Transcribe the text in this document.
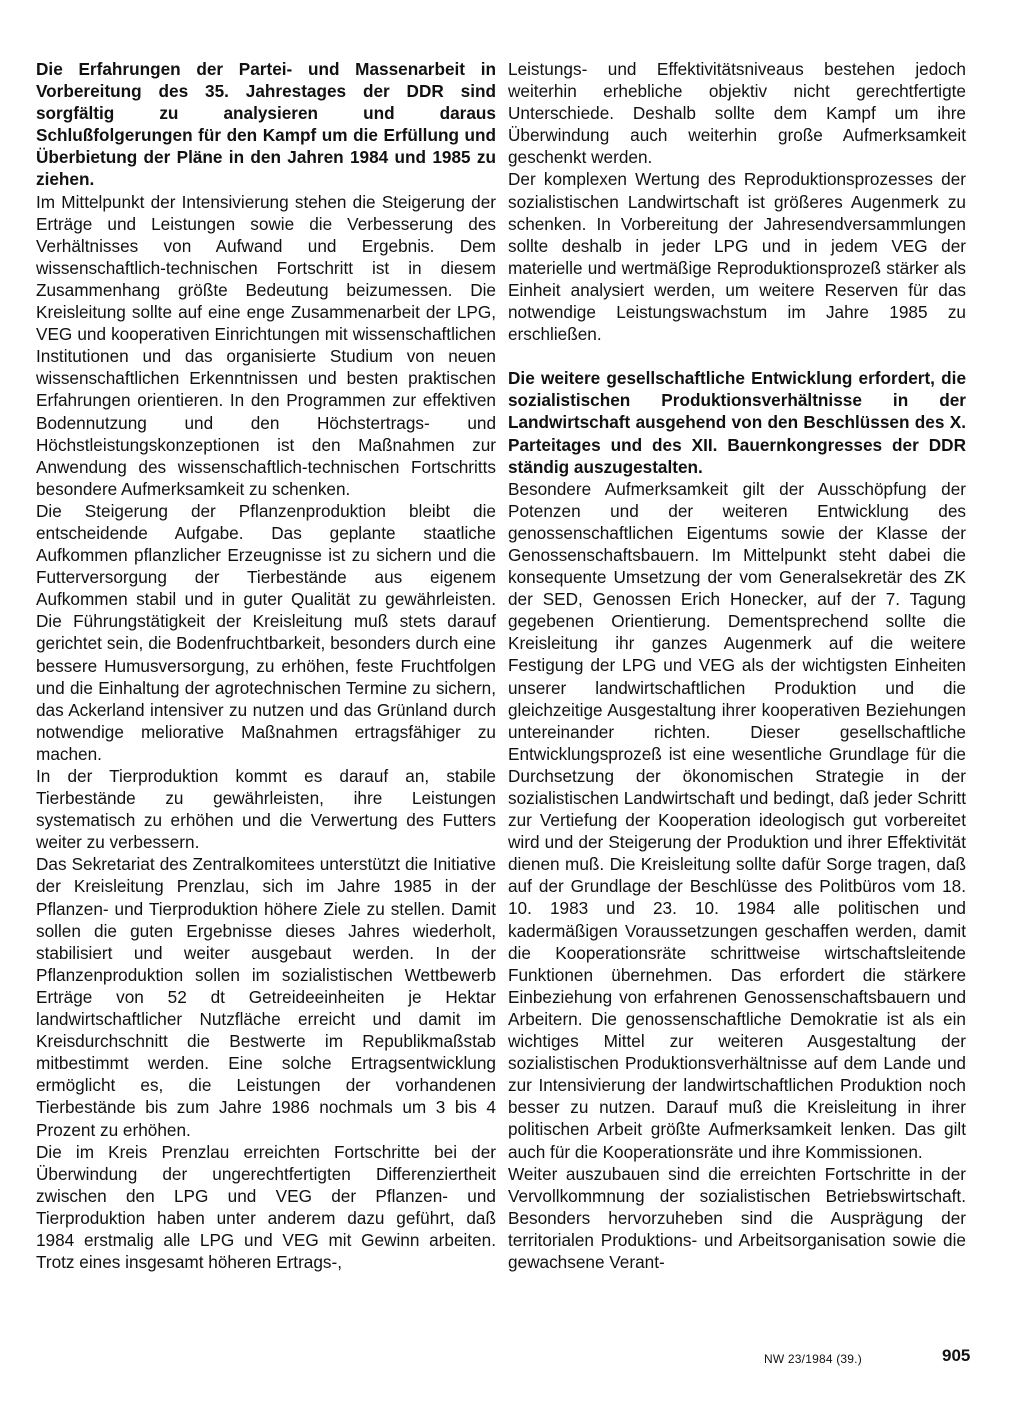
Die Erfahrungen der Partei- und Massenarbeit in Vorbereitung des 35. Jahrestages der DDR sind sorgfältig zu analysieren und daraus Schlußfolgerungen für den Kampf um die Erfüllung und Überbietung der Pläne in den Jahren 1984 und 1985 zu ziehen.

Im Mittelpunkt der Intensivierung stehen die Steigerung der Erträge und Leistungen sowie die Verbesserung des Verhältnisses von Aufwand und Ergebnis. Dem wissenschaftlich-technischen Fortschritt ist in diesem Zusammenhang größte Bedeutung beizumessen. Die Kreisleitung sollte auf eine enge Zusammenarbeit der LPG, VEG und kooperativen Einrichtungen mit wissenschaftlichen Institutionen und das organisierte Studium von neuen wissenschaftlichen Erkenntnissen und besten praktischen Erfahrungen orientieren. In den Programmen zur effektiven Bodennutzung und den Höchstertrags- und Höchstleistungskonzeptionen ist den Maßnahmen zur Anwendung des wissenschaftlich-technischen Fortschritts besondere Aufmerksamkeit zu schenken.

Die Steigerung der Pflanzenproduktion bleibt die entscheidende Aufgabe. Das geplante staatliche Aufkommen pflanzlicher Erzeugnisse ist zu sichern und die Futterversorgung der Tierbestände aus eigenem Aufkommen stabil und in guter Qualität zu gewährleisten. Die Führungstätigkeit der Kreisleitung muß stets darauf gerichtet sein, die Bodenfruchtbarkeit, besonders durch eine bessere Humusversorgung, zu erhöhen, feste Fruchtfolgen und die Einhaltung der agrotechnischen Termine zu sichern, das Ackerland intensiver zu nutzen und das Grünland durch notwendige meliorative Maßnahmen ertragsfähiger zu machen.

In der Tierproduktion kommt es darauf an, stabile Tierbestände zu gewährleisten, ihre Leistungen systematisch zu erhöhen und die Verwertung des Futters weiter zu verbessern.

Das Sekretariat des Zentralkomitees unterstützt die Initiative der Kreisleitung Prenzlau, sich im Jahre 1985 in der Pflanzen- und Tierproduktion höhere Ziele zu stellen. Damit sollen die guten Ergebnisse dieses Jahres wiederholt, stabilisiert und weiter ausgebaut werden. In der Pflanzenproduktion sollen im sozialistischen Wettbewerb Erträge von 52 dt Getreideeinheiten je Hektar landwirtschaftlicher Nutzfläche erreicht und damit im Kreisdurchschnitt die Bestwerte im Republikmaßstab mitbestimmt werden. Eine solche Ertragsentwicklung ermöglicht es, die Leistungen der vorhandenen Tierbestände bis zum Jahre 1986 nochmals um 3 bis 4 Prozent zu erhöhen.

Die im Kreis Prenzlau erreichten Fortschritte bei der Überwindung der ungerechtfertigten Differenziertheit zwischen den LPG und VEG der Pflanzen- und Tierproduktion haben unter anderem dazu geführt, daß 1984 erstmalig alle LPG und VEG mit Gewinn arbeiten. Trotz eines insgesamt höheren Ertrags-,

Leistungs- und Effektivitätsniveaus bestehen jedoch weiterhin erhebliche objektiv nicht gerechtfertigte Unterschiede. Deshalb sollte dem Kampf um ihre Überwindung auch weiterhin große Aufmerksamkeit geschenkt werden.

Der komplexen Wertung des Reproduktionsprozesses der sozialistischen Landwirtschaft ist größeres Augenmerk zu schenken. In Vorbereitung der Jahresendversammlungen sollte deshalb in jeder LPG und in jedem VEG der materielle und wertmäßige Reproduktionsprozeß stärker als Einheit analysiert werden, um weitere Reserven für das notwendige Leistungswachstum im Jahre 1985 zu erschließen.

Die weitere gesellschaftliche Entwicklung erfordert, die sozialistischen Produktionsverhältnisse in der Landwirtschaft ausgehend von den Beschlüssen des X. Parteitages und des XII. Bauernkongresses der DDR ständig auszugestalten.

Besondere Aufmerksamkeit gilt der Ausschöpfung der Potenzen und der weiteren Entwicklung des genossenschaftlichen Eigentums sowie der Klasse der Genossenschaftsbauern. Im Mittelpunkt steht dabei die konsequente Umsetzung der vom Generalsekretär des ZK der SED, Genossen Erich Honecker, auf der 7. Tagung gegebenen Orientierung. Dementsprechend sollte die Kreisleitung ihr ganzes Augenmerk auf die weitere Festigung der LPG und VEG als der wichtigsten Einheiten unserer landwirtschaftlichen Produktion und die gleichzeitige Ausgestaltung ihrer kooperativen Beziehungen untereinander richten. Dieser gesellschaftliche Entwicklungsprozeß ist eine wesentliche Grundlage für die Durchsetzung der ökonomischen Strategie in der sozialistischen Landwirtschaft und bedingt, daß jeder Schritt zur Vertiefung der Kooperation ideologisch gut vorbereitet wird und der Steigerung der Produktion und ihrer Effektivität dienen muß. Die Kreisleitung sollte dafür Sorge tragen, daß auf der Grundlage der Beschlüsse des Politbüros vom 18. 10. 1983 und 23. 10. 1984 alle politischen und kadermäßigen Voraussetzungen geschaffen werden, damit die Kooperationsräte schrittweise wirtschaftsleitende Funktionen übernehmen. Das erfordert die stärkere Einbeziehung von erfahrenen Genossenschaftsbauern und Arbeitern. Die genossenschaftliche Demokratie ist als ein wichtiges Mittel zur weiteren Ausgestaltung der sozialistischen Produktionsverhältnisse auf dem Lande und zur Intensivierung der landwirtschaftlichen Produktion noch besser zu nutzen. Darauf muß die Kreisleitung in ihrer politischen Arbeit größte Aufmerksamkeit lenken. Das gilt auch für die Kooperationsräte und ihre Kommissionen.

Weiter auszubauen sind die erreichten Fortschritte in der Vervollkommnung der sozialistischen Betriebswirtschaft. Besonders hervorzuheben sind die Ausprägung der territorialen Produktions- und Arbeitsorganisation sowie die gewachsene Verant-

NW 23/1984 (39.)	905
